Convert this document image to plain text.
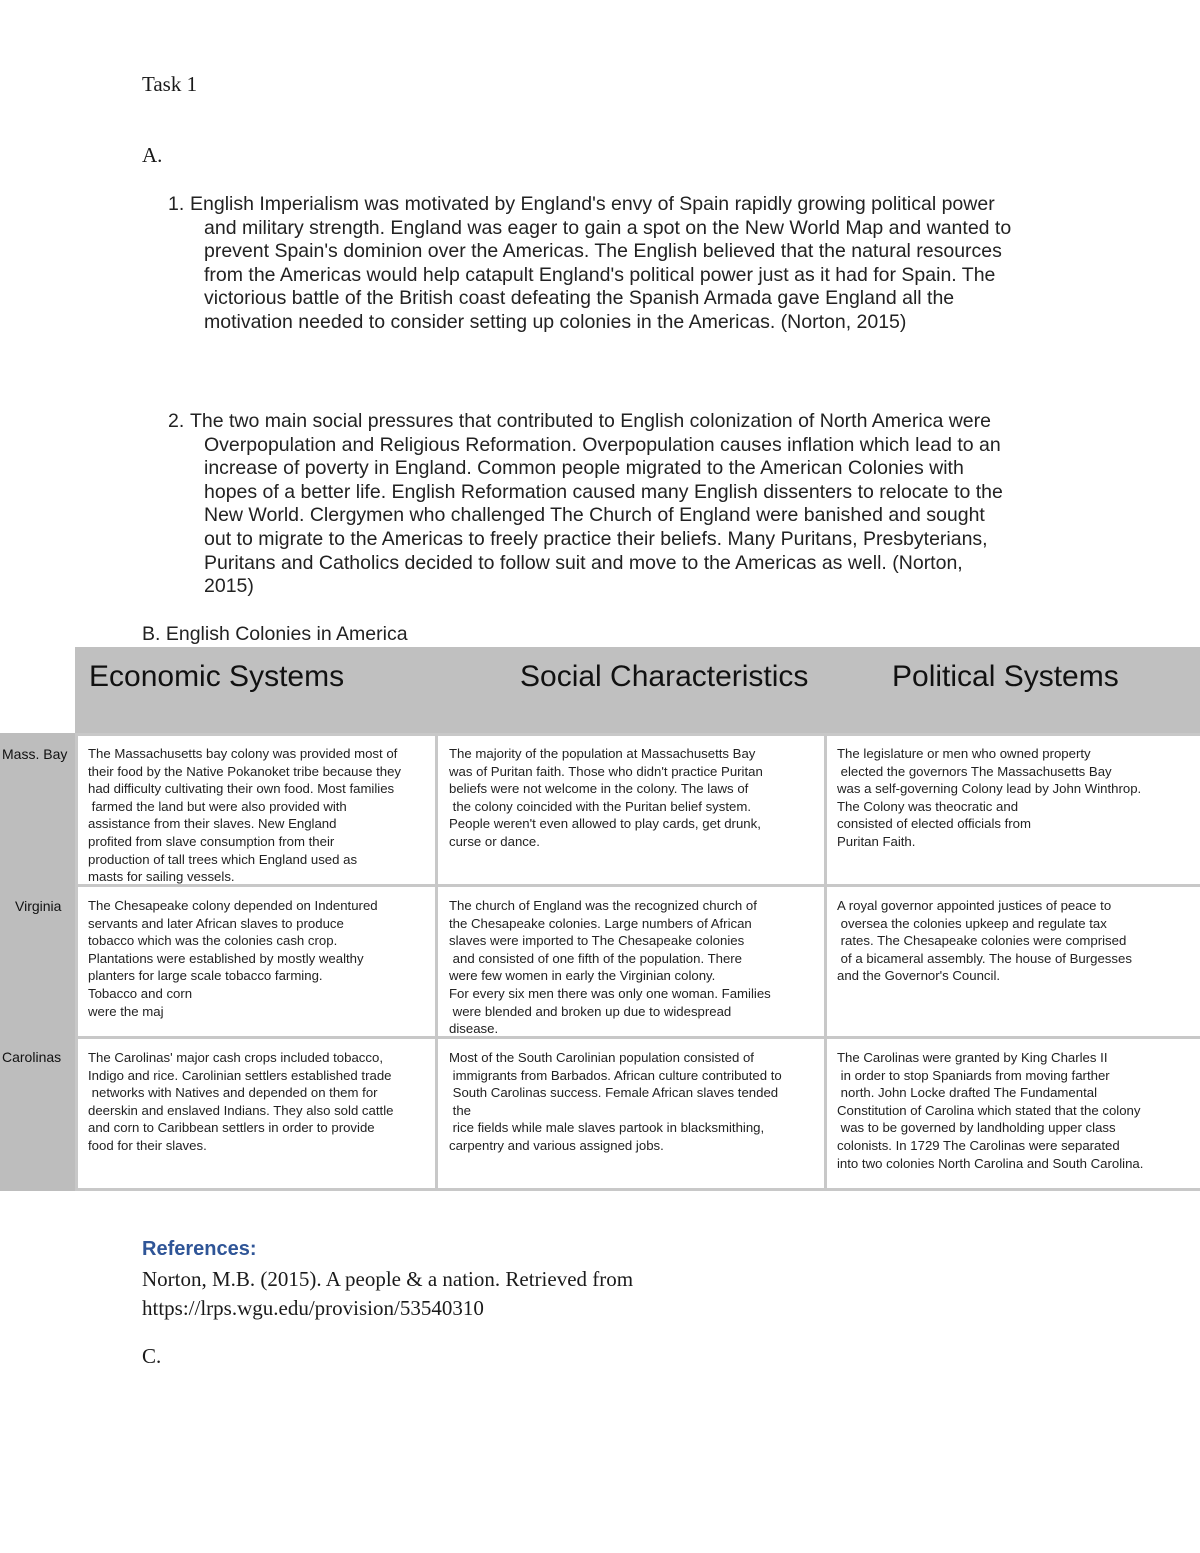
Task 1
A.
1. English Imperialism was motivated by England's envy of Spain rapidly growing political power
and military strength. England was eager to gain a spot on the New World Map and wanted to
prevent Spain's dominion over the Americas. The English believed that the natural resources
from the Americas would help catapult England's political power just as it had for Spain. The
victorious battle of the British coast defeating the Spanish Armada gave England all the
motivation needed to consider setting up colonies in the Americas. (Norton, 2015)
2. The two main social pressures that contributed to English colonization of North America were
Overpopulation and Religious Reformation. Overpopulation causes inflation which lead to an
increase of poverty in England. Common people migrated to the American Colonies with
hopes of a better life. English Reformation caused many English dissenters to relocate to the
New World. Clergymen who challenged The Church of England were banished and sought
out to migrate to the Americas to freely practice their beliefs. Many Puritans, Presbyterians,
Puritans and Catholics decided to follow suit and move to the Americas as well. (Norton,
2015)
B. English Colonies in America
Economic Systems	Social Characteristics	Political Systems
Mass. Bay
Virginia
Carolinas
The Massachusetts bay colony was provided most of
their food by the Native Pokanoket tribe because they
had difficulty cultivating their own food. Most families
farmed the land but were also provided with
assistance from their slaves. New England
profited from slave consumption from their
production of tall trees which England used as
masts for sailing vessels.
The majority of the population at Massachusetts Bay
was of Puritan faith. Those who didn't practice Puritan
beliefs were not welcome in the colony. The laws of
the colony coincided with the Puritan belief system.
People weren't even allowed to play cards, get drunk,
curse or dance.
The legislature or men who owned property
elected the governors The Massachusetts Bay
was a self-governing Colony lead by John Winthrop.
The Colony was theocratic and
consisted of elected officials from
Puritan Faith.
The Chesapeake colony depended on Indentured
servants and later African slaves to produce
tobacco which was the colonies cash crop.
Plantations were established by mostly wealthy
planters for large scale tobacco farming.
Tobacco and corn
were the maj
The church of England was the recognized church of
the Chesapeake colonies. Large numbers of African
slaves were imported to The Chesapeake colonies
and consisted of one fifth of the population. There
were few women in early the Virginian colony.
For every six men there was only one woman. Families
were blended and broken up due to widespread
disease.
A royal governor appointed justices of peace to
oversea the colonies upkeep and regulate tax
rates. The Chesapeake colonies were comprised
of a bicameral assembly. The house of Burgesses
and the Governor's Council.
The Carolinas' major cash crops included tobacco,
Indigo and rice. Carolinian settlers established trade
networks with Natives and depended on them for
deerskin and enslaved Indians. They also sold cattle
and corn to Caribbean settlers in order to provide
food for their slaves.
Most of the South Carolinian population consisted of
immigrants from Barbados. African culture contributed to
South Carolinas success. Female African slaves tended
the
rice fields while male slaves partook in blacksmithing,
carpentry and various assigned jobs.
The Carolinas were granted by King Charles II
in order to stop Spaniards from moving farther
north. John Locke drafted The Fundamental
Constitution of Carolina which stated that the colony
was to be governed by landholding upper class
colonists. In 1729 The Carolinas were separated
into two colonies North Carolina and South Carolina.
References:
Norton, M.B. (2015). A people & a nation. Retrieved from
https://lrps.wgu.edu/provision/53540310
C.
